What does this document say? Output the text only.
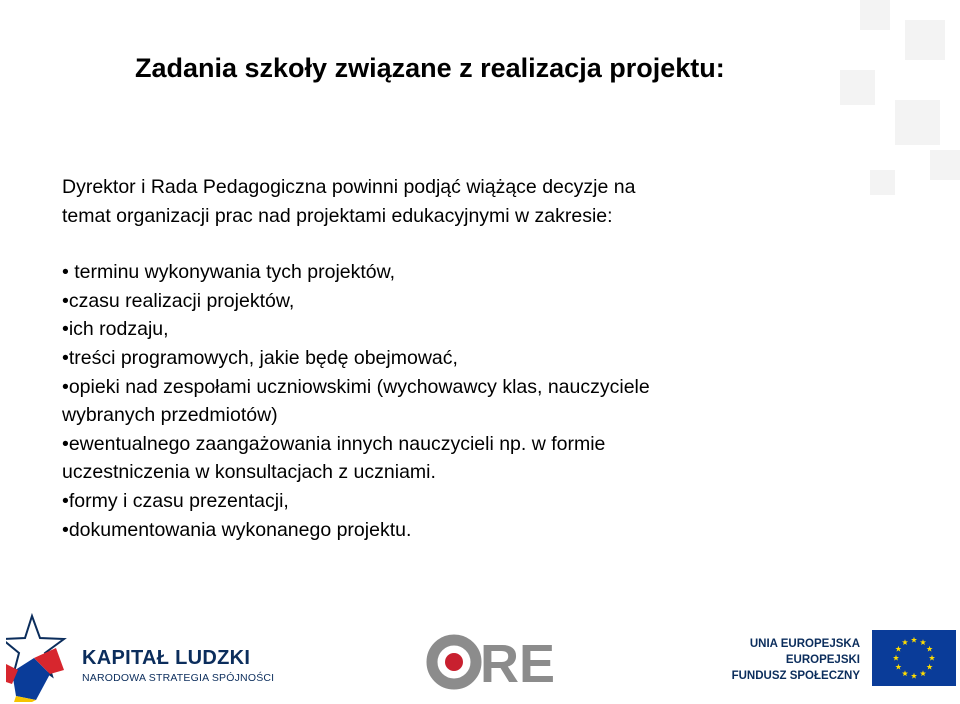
Zadania szkoły związane z realizacja projektu:

Dyrektor i Rada Pedagogiczna powinni podjąć wiążące decyzje na
temat organizacji prac nad projektami edukacyjnymi w zakresie:

• terminu wykonywania tych projektów,
•czasu realizacji projektów,
•ich rodzaju,
•treści programowych, jakie będę obejmować,
•opieki nad zespołami uczniowskimi (wychowawcy klas, nauczyciele
wybranych przedmiotów)
•ewentualnego zaangażowania innych nauczycieli np. w formie
uczestniczenia w konsultacjach z uczniami.
•formy i czasu prezentacji,
•dokumentowania wykonanego projektu.
KAPITAŁ LUDZKI
NARODOWA STRATEGIA SPÓJNOŚCI	RE	UNIA EUROPEJSKA
EUROPEJSKI
FUNDUSZ SPOŁECZNY
